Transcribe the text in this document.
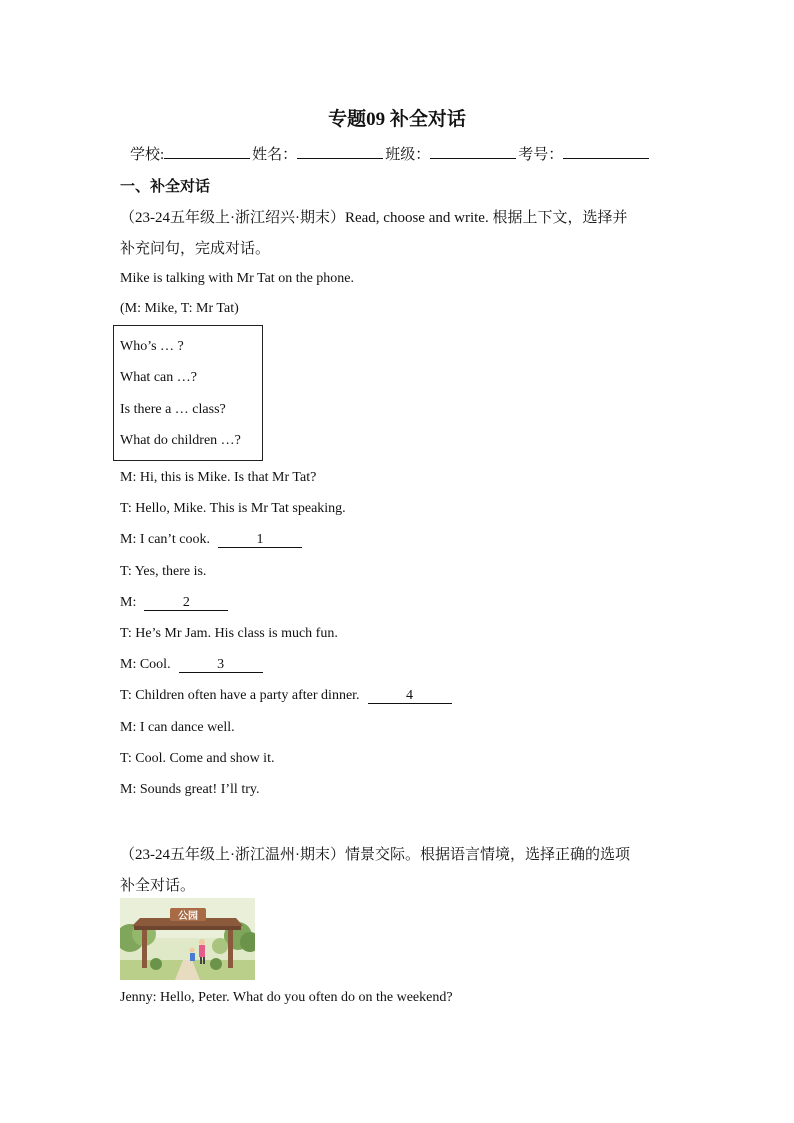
专题09 补全对话
学校:	姓名：	班级：	考号：
一、补全对话
（23-24五年级上·浙江绍兴·期末）Read, choose and write. 根据上下文，选择并
补充问句，完成对话。
Mike is talking with Mr Tat on the phone.
(M: Mike, T: Mr Tat)
Who’s … ?
What can …?
Is there a … class?
What do children …?
M: Hi, this is Mike. Is that Mr Tat?
T: Hello, Mike. This is Mr Tat speaking.
M: I can’t cook.	1
T: Yes, there is.
M:	2
T: He’s Mr Jam. His class is much fun.
M: Cool.	3
T: Children often have a party after dinner.	4
M: I can dance well.
T: Cool. Come and show it.
M: Sounds great! I’ll try.
（23-24五年级上·浙江温州·期末）情景交际。根据语言情境，选择正确的选项
补全对话。
公园
Jenny: Hello, Peter. What do you often do on the weekend?
